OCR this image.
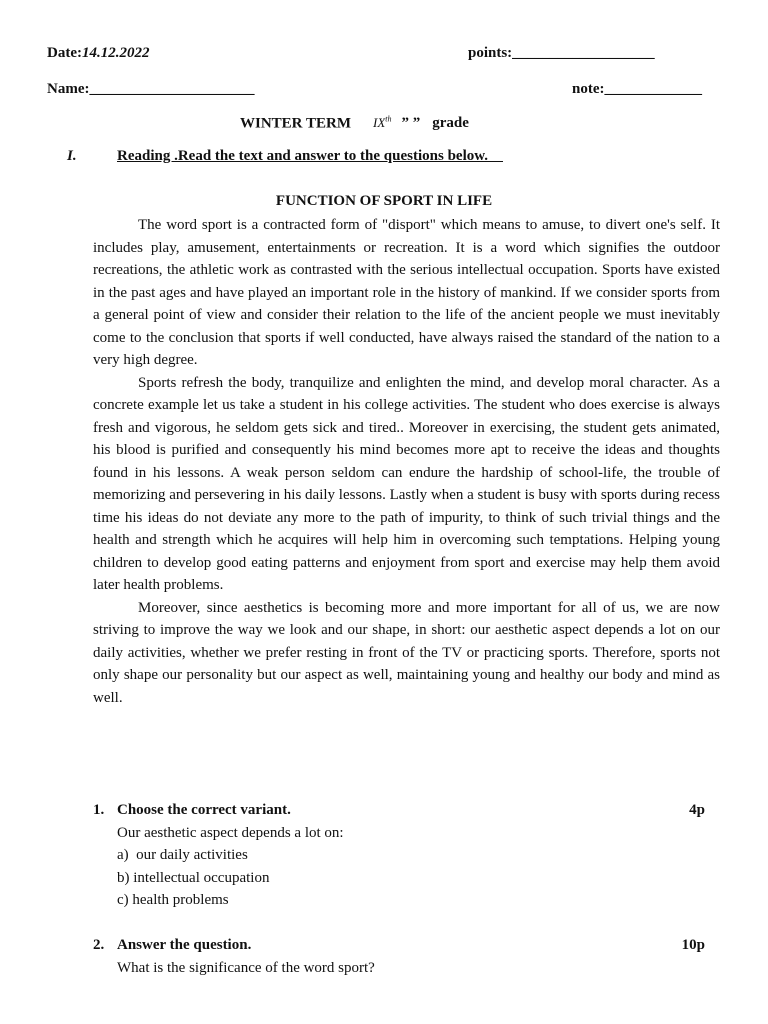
Date:14.12.2022	points:___________________
Name:______________________	note:_____________
WINTER TERM IXth ” ” grade
I.	Reading .Read the text and answer to the questions below.
FUNCTION OF SPORT IN LIFE

The word sport is a contracted form of "disport" which means to amuse, to divert one's self. It includes play, amusement, entertainments or recreation. It is a word which signifies the outdoor recreations, the athletic work as contrasted with the serious intellectual occupation. Sports have existed in the past ages and have played an important role in the history of mankind. If we consider sports from a general point of view and consider their relation to the life of the ancient people we must inevitably come to the conclusion that sports if well conducted, have always raised the standard of the nation to a very high degree.

Sports refresh the body, tranquilize and enlighten the mind, and develop moral character. As a concrete example let us take a student in his college activities. The student who does exercise is always fresh and vigorous, he seldom gets sick and tired.. Moreover in exercising, the student gets animated, his blood is purified and consequently his mind becomes more apt to receive the ideas and thoughts found in his lessons. A weak person seldom can endure the hardship of school-life, the trouble of memorizing and persevering in his daily lessons. Lastly when a student is busy with sports during recess time his ideas do not deviate any more to the path of impurity, to think of such trivial things and the health and strength which he acquires will help him in overcoming such temptations. Helping young children to develop good eating patterns and enjoyment from sport and exercise may help them avoid later health problems.

Moreover, since aesthetics is becoming more and more important for all of us, we are now striving to improve the way we look and our shape, in short: our aesthetic aspect depends a lot on our daily activities, whether we prefer resting in front of the TV or practicing sports. Therefore, sports not only shape our personality but our aspect as well, maintaining young and healthy our body and mind as well.

1. Choose the correct variant.	4p
Our aesthetic aspect depends a lot on:
a)  our daily activities
b) intellectual occupation
c) health problems
2. Answer the question.	10p
What is the significance of the word sport?
